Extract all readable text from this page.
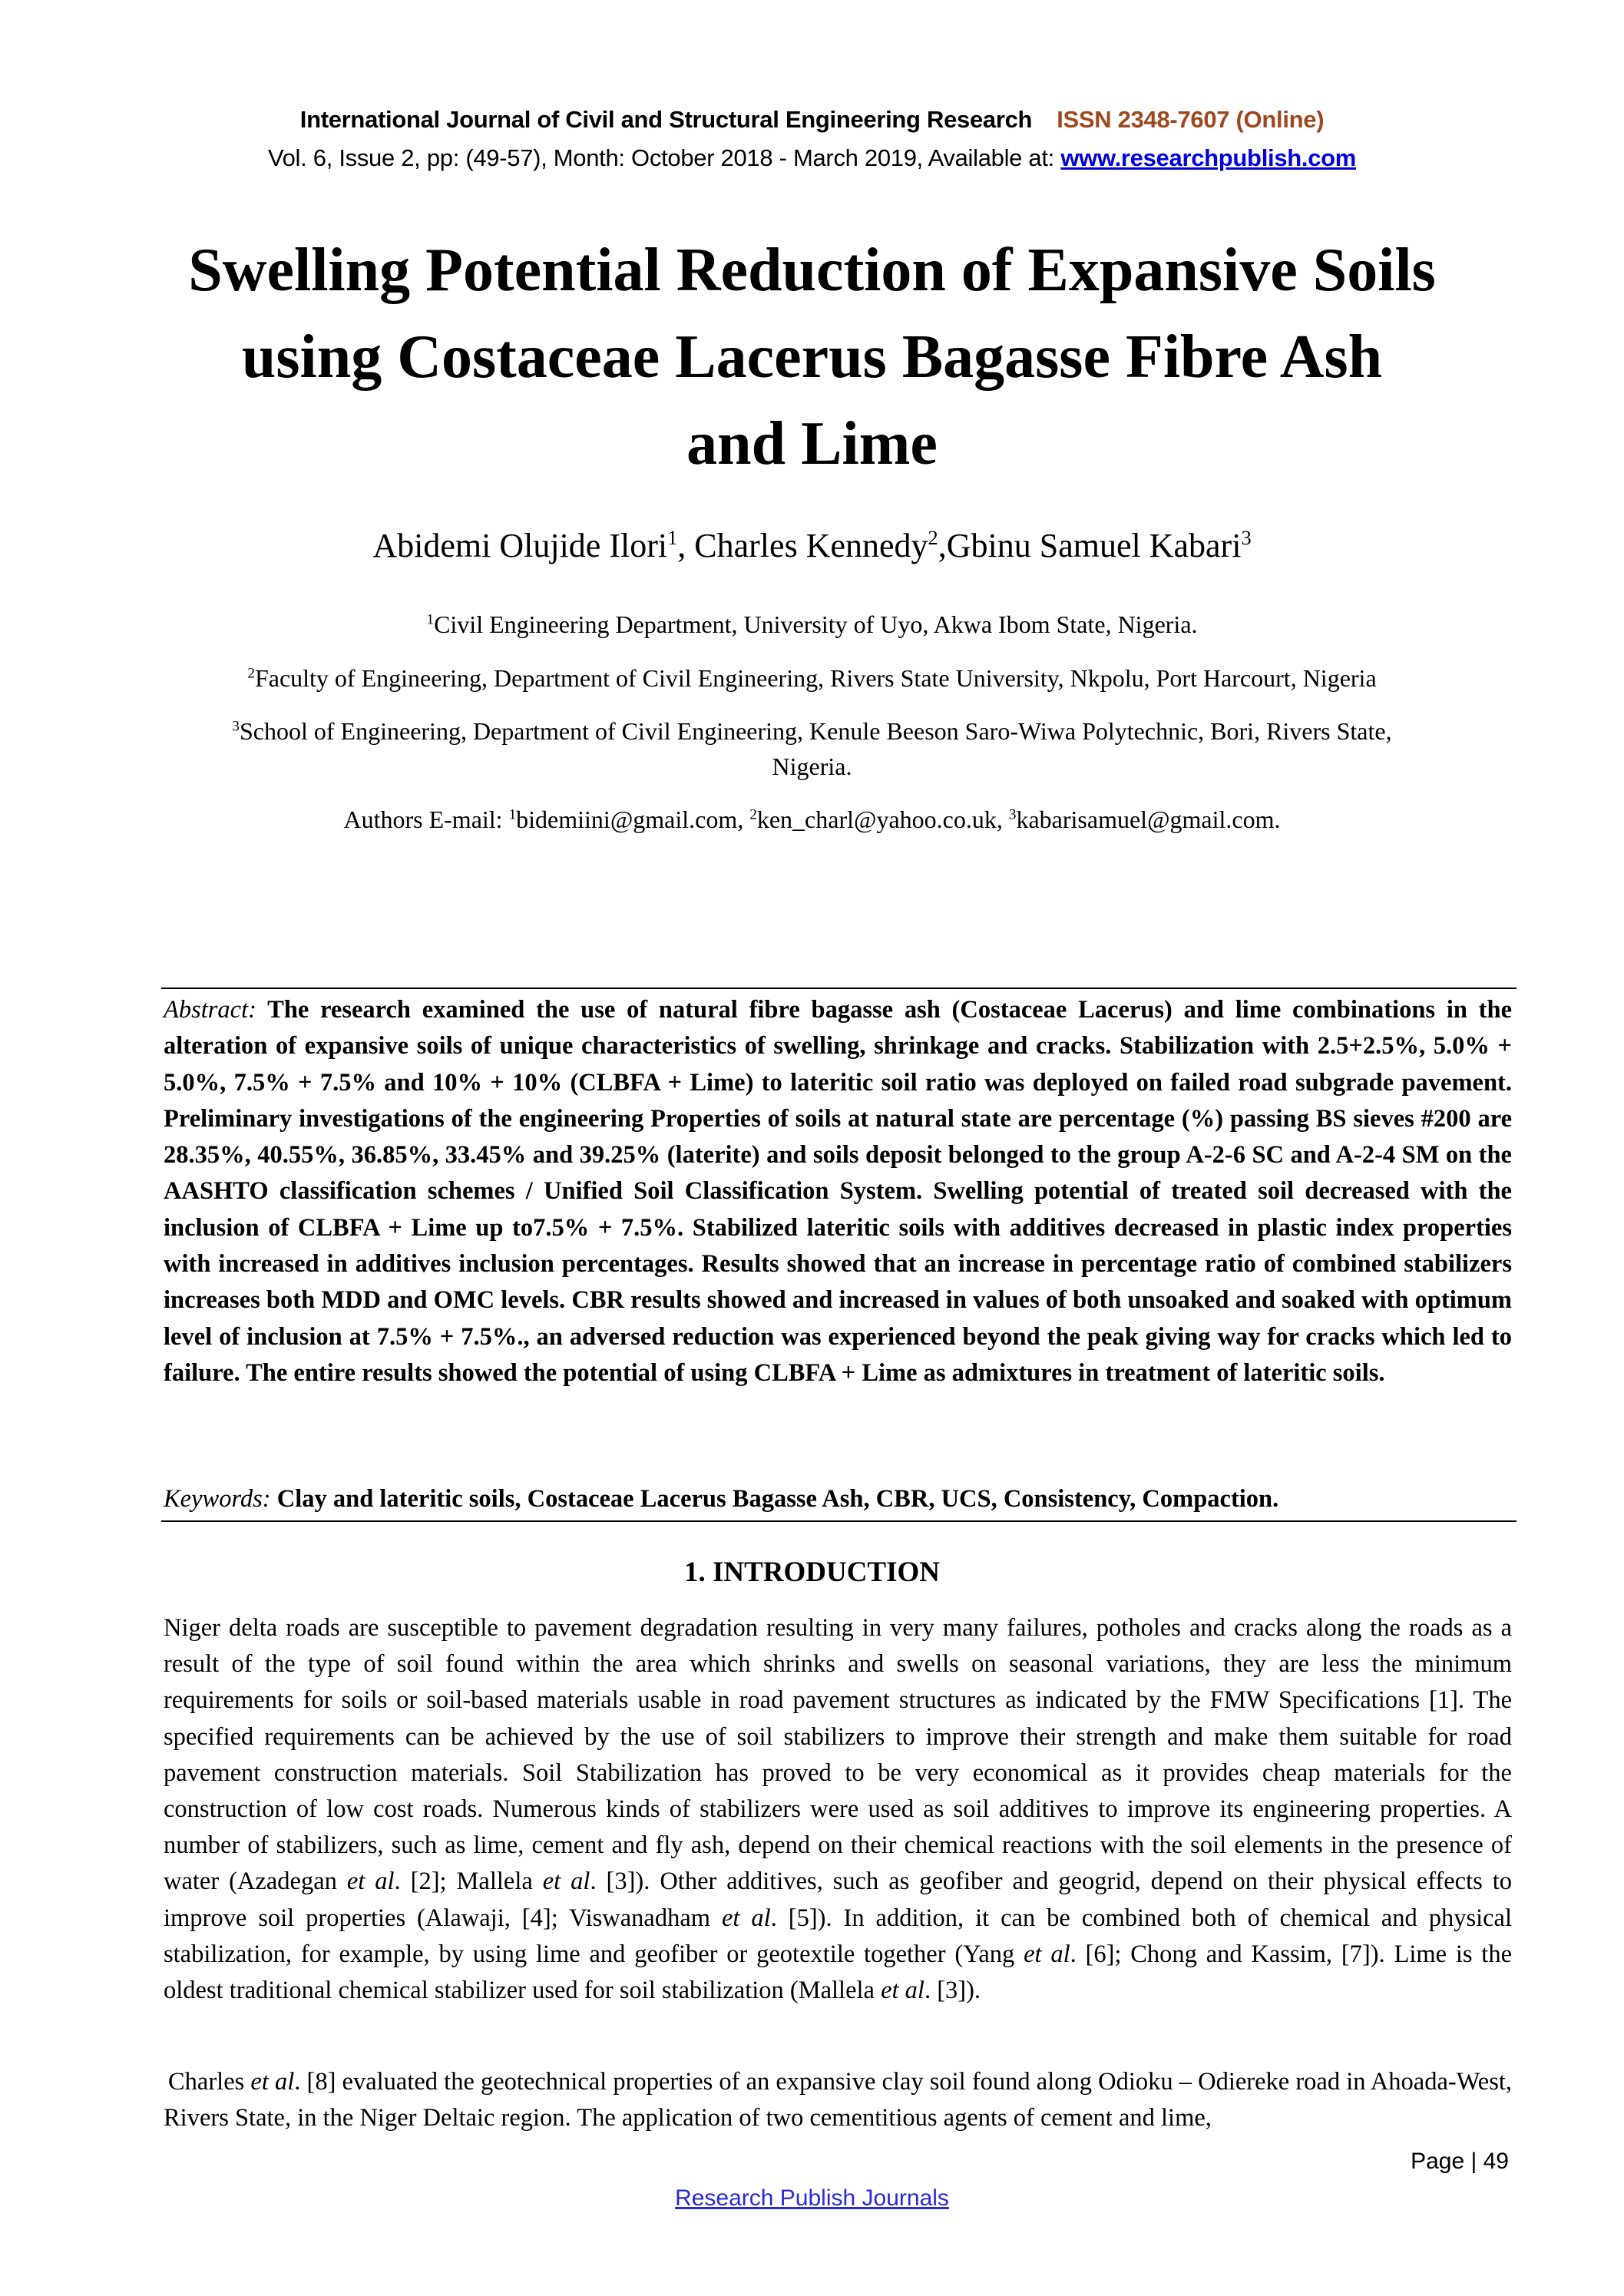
International Journal of Civil and Structural Engineering Research ISSN 2348-7607 (Online)
Vol. 6, Issue 2, pp: (49-57), Month: October 2018 - March 2019, Available at: www.researchpublish.com
Swelling Potential Reduction of Expansive Soils
using Costaceae Lacerus Bagasse Fibre Ash
and Lime
Abidemi Olujide Ilori$^1$, Charles Kennedy$^2$,Gbinu Samuel Kabari$^3$
$^1$Civil Engineering Department, University of Uyo, Akwa Ibom State, Nigeria.
$^2$Faculty of Engineering, Department of Civil Engineering, Rivers State University, Nkpolu, Port Harcourt, Nigeria
$^3$School of Engineering, Department of Civil Engineering, Kenule Beeson Saro-Wiwa Polytechnic, Bori, Rivers State,
Nigeria.
Authors E-mail: $^1$bidemiini@gmail.com, $^2$ken_charl@yahoo.co.uk, $^3$kabarisamuel@gmail.com.
Abstract: The research examined the use of natural fibre bagasse ash (Costaceae Lacerus) and lime combinations in the alteration of expansive soils of unique characteristics of swelling, shrinkage and cracks. Stabilization with 2.5+2.5%, 5.0% + 5.0%, 7.5% + 7.5% and 10% + 10% (CLBFA + Lime) to lateritic soil ratio was deployed on failed road subgrade pavement. Preliminary investigations of the engineering Properties of soils at natural state are percentage (%) passing BS sieves #200 are 28.35%, 40.55%, 36.85%, 33.45% and 39.25% (laterite) and soils deposit belonged to the group A-2-6 SC and A-2-4 SM on the AASHTO classification schemes / Unified Soil Classification System. Swelling potential of treated soil decreased with the inclusion of CLBFA + Lime up to7.5% + 7.5%. Stabilized lateritic soils with additives decreased in plastic index properties with increased in additives inclusion percentages. Results showed that an increase in percentage ratio of combined stabilizers increases both MDD and OMC levels. CBR results showed and increased in values of both unsoaked and soaked with optimum level of inclusion at 7.5% + 7.5%., an adversed reduction was experienced beyond the peak giving way for cracks which led to failure. The entire results showed the potential of using CLBFA + Lime as admixtures in treatment of lateritic soils.
Keywords: Clay and lateritic soils, Costaceae Lacerus Bagasse Ash, CBR, UCS, Consistency, Compaction.
1. INTRODUCTION
Niger delta roads are susceptible to pavement degradation resulting in very many failures, potholes and cracks along the roads as a result of the type of soil found within the area which shrinks and swells on seasonal variations, they are less the minimum requirements for soils or soil-based materials usable in road pavement structures as indicated by the FMW Specifications [1]. The specified requirements can be achieved by the use of soil stabilizers to improve their strength and make them suitable for road pavement construction materials. Soil Stabilization has proved to be very economical as it provides cheap materials for the construction of low cost roads. Numerous kinds of stabilizers were used as soil additives to improve its engineering properties. A number of stabilizers, such as lime, cement and fly ash, depend on their chemical reactions with the soil elements in the presence of water (Azadegan et al. [2]; Mallela et al. [3]). Other additives, such as geofiber and geogrid, depend on their physical effects to improve soil properties (Alawaji, [4]; Viswanadham et al. [5]). In addition, it can be combined both of chemical and physical stabilization, for example, by using lime and geofiber or geotextile together (Yang et al. [6]; Chong and Kassim, [7]). Lime is the oldest traditional chemical stabilizer used for soil stabilization (Mallela et al. [3]).
Charles et al. [8] evaluated the geotechnical properties of an expansive clay soil found along Odioku – Odiereke road in Ahoada-West, Rivers State, in the Niger Deltaic region. The application of two cementitious agents of cement and lime,
Page | 49
Research Publish Journals
